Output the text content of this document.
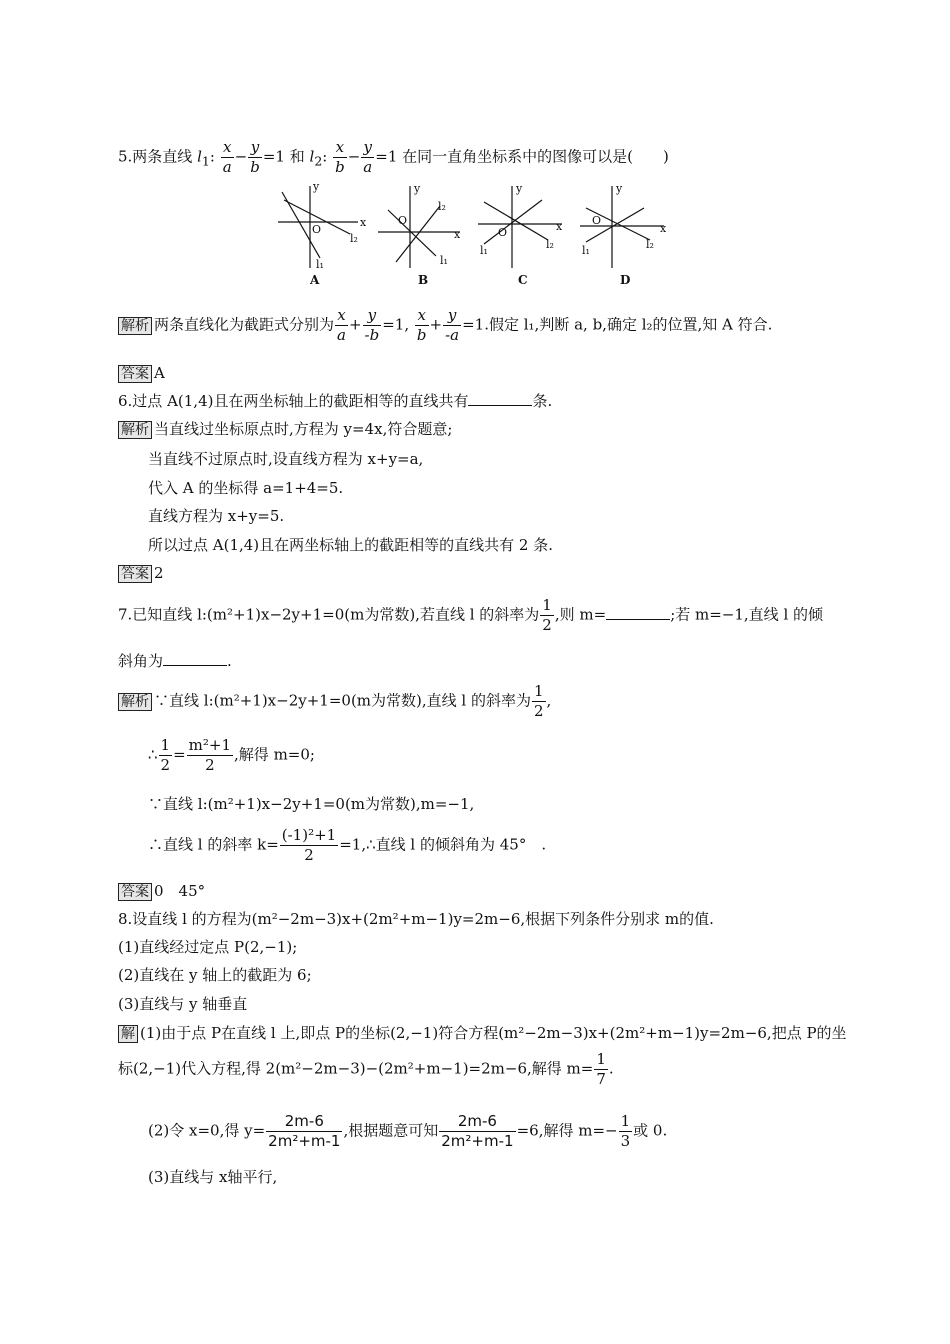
5.两条直线 $l_1$: $\frac{x}{a} - \frac{y}{b} =1$ 和 $l_2$: $\frac{x}{b} - \frac{y}{a} =1$ 在同一直角坐标系中的图像可以是(　　)
y
x
O
l₁
l₂
y
x
O
l₂
l₁
y
x
O
l₁	l₂
y
x
O
l₁	l₂
A	B	C	D
解析 两条直线化为截距式分别为 $\frac{x}{a} + \frac{y}{-b} =1$, $\frac{x}{b} + \frac{y}{-a} =1$.假定 l₁,判断 a, b,确定 l₂的位置,知 A 符合.
答案 A
6.过点 A(1,4)且在两坐标轴上的截距相等的直线共有	条.
解析 当直线过坐标原点时,方程为 y=4x,符合题意;
当直线不过原点时,设直线方程为 x+y=a,
代入 A 的坐标得 a=1+4=5.
直线方程为 x+y=5.
所以过点 A(1,4)且在两坐标轴上的截距相等的直线共有 2 条.
答案 2
7.已知直线 l:(m²+1)x−2y+1=0(m为常数),若直线 l 的斜率为 $\frac{1}{2}$ ,则 m=	;若 m=−1,直线 l 的倾
斜角为	.
解析 ∵直线 l:(m²+1)x−2y+1=0(m为常数),直线 l 的斜率为 $\frac{1}{2}$ ,
∴ $\frac{1}{2} = \frac{\text{m²+1}}{2}$ ,解得 m=0;
∵直线 l:(m²+1)x−2y+1=0(m为常数),m=−1,
∴直线 l 的斜率 $k= \frac{\text{(-1)²+1}}{2}$ =1,∴直线 l 的倾斜角为 45°　.
答案 0　45°
8.设直线 l 的方程为(m²−2m−3)x+(2m²+m−1)y=2m−6,根据下列条件分别求 m的值.
(1)直线经过定点 P(2,−1);
(2)直线在 y 轴上的截距为 6;
(3)直线与 y 轴垂直
解 (1)由于点 P在直线 l 上,即点 P的坐标(2,−1)符合方程(m²−2m−3)x+(2m²+m−1)y=2m−6,把点 P的坐
标(2,−1)代入方程,得 2(m²−2m−3)−(2m²+m−1)=2m−6,解得 $m= \frac{1}{7}$ .
(2)令 x=0,得 $y= \frac{2m-6}{\text{2m²+m-1}}$ ,根据题意可知 $\frac{2m-6}{\text{2m²+m-1}} =6$,解得 $m=- \frac{1}{3}$ 或 0.
(3)直线与 x轴平行,
